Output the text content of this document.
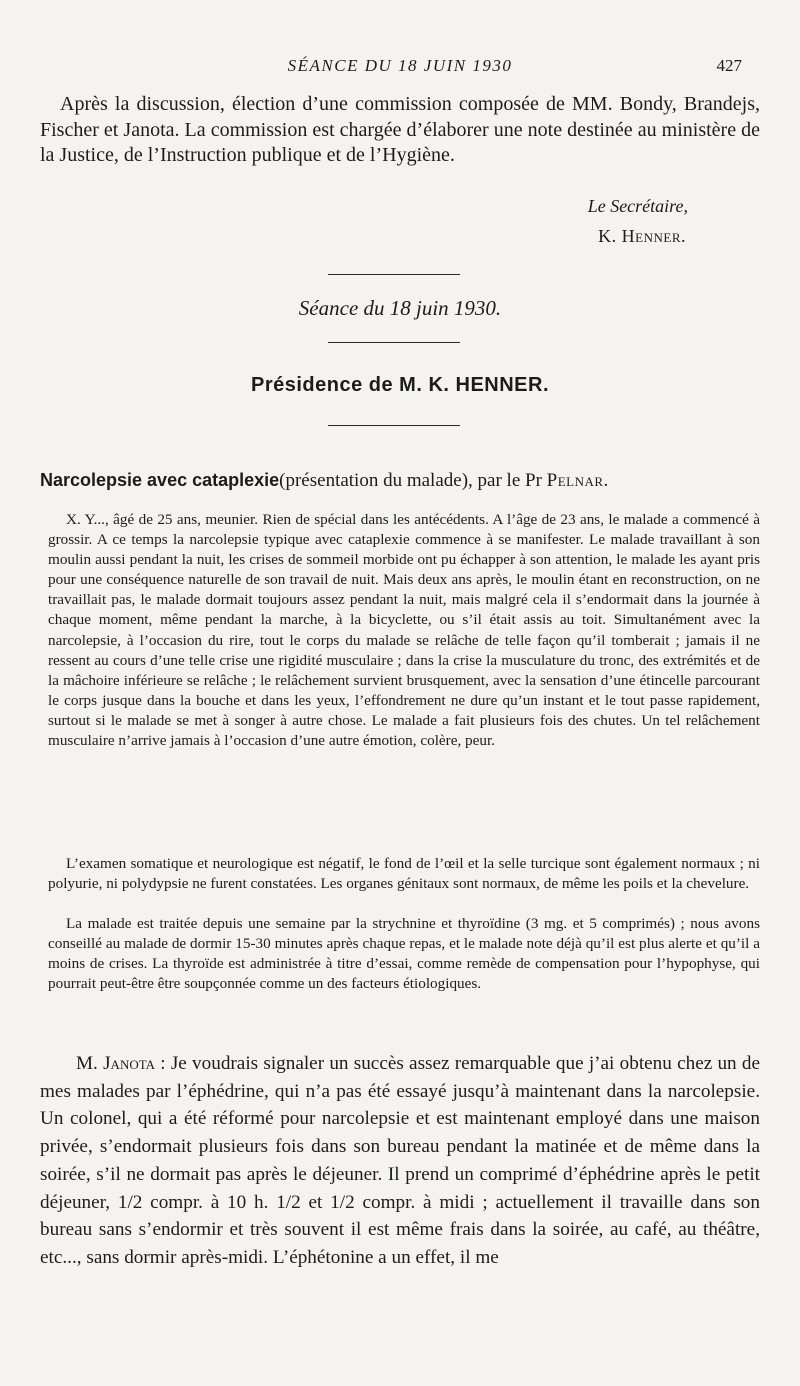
SÉANCE DU 18 JUIN 1930	427

Après la discussion, élection d’une commission composée de MM. Bondy, Brandejs, Fischer et Janota. La commission est chargée d’élaborer une note destinée au ministère de la Justice, de l’Instruction publique et de l’Hygiène.

Le Secrétaire,
K. Henner.
Séance du 18 juin 1930.
Présidence de M. K. HENNER.
Narcolepsie avec cataplexie(présentation du malade), par le Pr Pelnar.

X. Y..., âgé de 25 ans, meunier. Rien de spécial dans les antécédents. A l’âge de 23 ans, le malade a commencé à grossir. A ce temps la narcolepsie typique avec cataplexie commence à se manifester. Le malade travaillant à son moulin aussi pendant la nuit, les crises de sommeil morbide ont pu échapper à son attention, le malade les ayant pris pour une conséquence naturelle de son travail de nuit. Mais deux ans après, le moulin étant en reconstruction, on ne travaillait pas, le malade dormait toujours assez pendant la nuit, mais malgré cela il s’endormait dans la journée à chaque moment, même pendant la marche, à la bicyclette, ou s’il était assis au toit. Simultanément avec la narcolepsie, à l’occasion du rire, tout le corps du malade se relâche de telle façon qu’il tomberait ; jamais il ne ressent au cours d’une telle crise une rigidité musculaire ; dans la crise la musculature du tronc, des extrémités et de la mâchoire inférieure se relâche ; le relâchement survient brusquement, avec la sensation d’une étincelle parcourant le corps jusque dans la bouche et dans les yeux, l’effondrement ne dure qu’un instant et le tout passe rapidement, surtout si le malade se met à songer à autre chose. Le malade a fait plusieurs fois des chutes. Un tel relâchement musculaire n’arrive jamais à l’occasion d’une autre émotion, colère, peur.

L’examen somatique et neurologique est négatif, le fond de l’œil et la selle turcique sont également normaux ; ni polyurie, ni polydypsie ne furent constatées. Les organes génitaux sont normaux, de même les poils et la chevelure.

La malade est traitée depuis une semaine par la strychnine et thyroïdine (3 mg. et 5 comprimés) ; nous avons conseillé au malade de dormir 15-30 minutes après chaque repas, et le malade note déjà qu’il est plus alerte et qu’il a moins de crises. La thyroïde est administrée à titre d’essai, comme remède de compensation pour l’hypophyse, qui pourrait peut-être être soupçonnée comme un des facteurs étiologiques.

M. Janota : Je voudrais signaler un succès assez remarquable que j’ai obtenu chez un de mes malades par l’éphédrine, qui n’a pas été essayé jusqu’à maintenant dans la narcolepsie. Un colonel, qui a été réformé pour narcolepsie et est maintenant employé dans une maison privée, s’endormait plusieurs fois dans son bureau pendant la matinée et de même dans la soirée, s’il ne dormait pas après le déjeuner. Il prend un comprimé d’éphédrine après le petit déjeuner, 1/2 compr. à 10 h. 1/2 et 1/2 compr. à midi ; actuellement il travaille dans son bureau sans s’endormir et très souvent il est même frais dans la soirée, au café, au théâtre, etc..., sans dormir après-midi. L’éphétonine a un effet, il me
